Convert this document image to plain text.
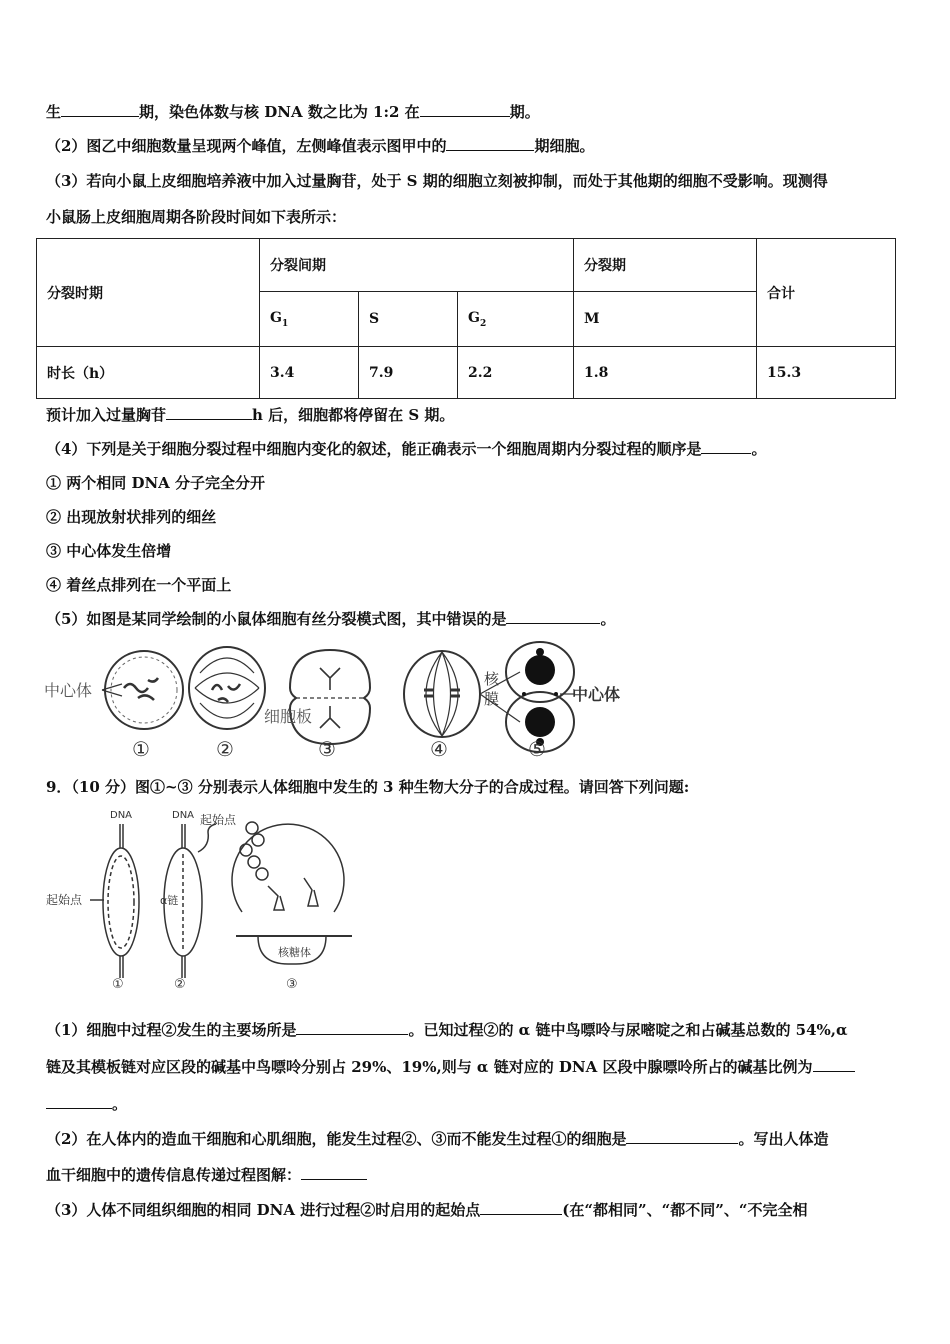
生	期，染色体数与核 DNA 数之比为 1:2 在	期。
（2）图乙中细胞数量呈现两个峰值，左侧峰值表示图甲中的	期细胞。
（3）若向小鼠上皮细胞培养液中加入过量胸苷，处于 S 期的细胞立刻被抑制，而处于其他期的细胞不受影响。现测得
小鼠肠上皮细胞周期各阶段时间如下表所示：
分裂时期	分裂间期			分裂期	合计
	$G_1$	S	$G_2$	M	
时长（h）	3.4	7.9	2.2	1.8	15.3
预计加入过量胸苷	h 后，细胞都将停留在 S 期。
（4）下列是关于细胞分裂过程中细胞内变化的叙述，能正确表示一个细胞周期内分裂过程的顺序是	。
① 两个相同 DNA 分子完全分开
② 出现放射状排列的细丝
③ 中心体发生倍增
④ 着丝点排列在一个平面上
（5）如图是某同学绘制的小鼠体细胞有丝分裂模式图，其中错误的是	。
中心体
细胞板
核
膜	中心体
①	②	③	④	⑤
9．（10 分）图①~③ 分别表示人体细胞中发生的 3 种生物大分子的合成过程。请回答下列问题:
DNA	DNA
起始点
起始点
α链
核糖体
①	②	③
（1）细胞中过程②发生的主要场所是	。已知过程②的 α 链中鸟嘌呤与尿嘧啶之和占碱基总数的 54%,α
链及其模板链对应区段的碱基中鸟嘌呤分别占 29%、19%,则与 α 链对应的 DNA 区段中腺嘌呤所占的碱基比例为
。
（2）在人体内的造血干细胞和心肌细胞，能发生过程②、③而不能发生过程①的细胞是	。写出人体造
血干细胞中的遗传信息传递过程图解：
（3）人体不同组织细胞的相同 DNA 进行过程②时启用的起始点	(在“都相同”、“都不同”、“不完全相
